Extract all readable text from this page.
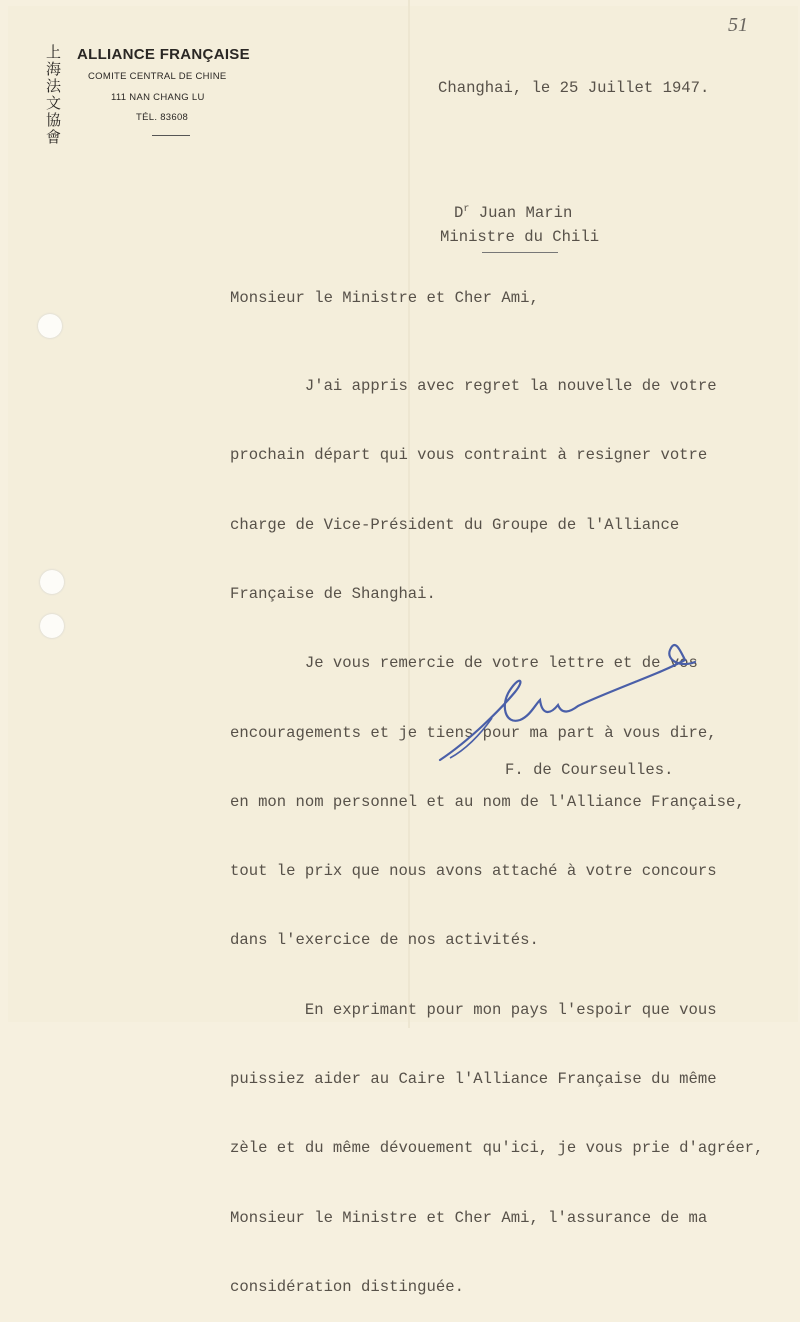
51
上
海
法
文
協
會
ALLIANCE FRANÇAISE
COMITE CENTRAL DE CHINE
111 NAN CHANG LU
TÉL. 83608
Changhai, le 25 Juillet 1947.
$D^r$ Juan Marin
Ministre du Chili
Monsieur le Ministre et Cher Ami,

J'ai appris avec regret la nouvelle de votre

prochain départ qui vous contraint à resigner votre

charge de Vice-Président du Groupe de l'Alliance

Française de Shanghai.

Je vous remercie de votre lettre et de vos

encouragements et je tiens pour ma part à vous dire,

en mon nom personnel et au nom de l'Alliance Française,

tout le prix que nous avons attaché à votre concours

dans l'exercice de nos activités.

En exprimant pour mon pays l'espoir que vous

puissiez aider au Caire l'Alliance Française du même

zèle et du même dévouement qu'ici, je vous prie d'agréer,

Monsieur le Ministre et Cher Ami, l'assurance de ma

considération distinguée.

F. de Courseulles.
